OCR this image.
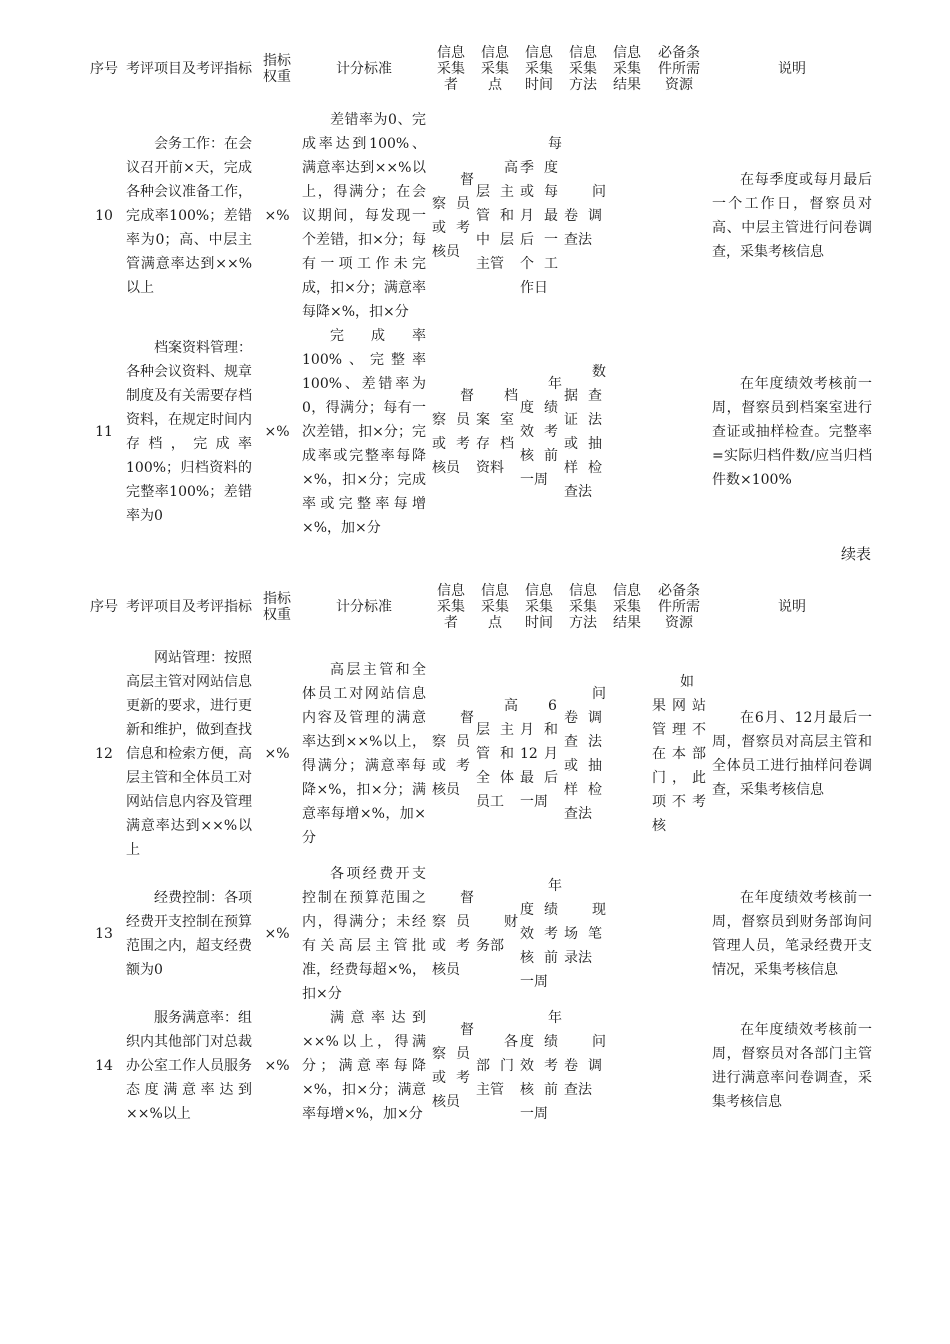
序号	考评项目及考评指标	指标权重	计分标准	信息采集者	信息采集点	信息采集时间	信息采集方法	信息采集结果	必备条件所需资源	说明
10	会务工作：在会议召开前×天，完成各种会议准备工作，完成率100%；差错率为0；高、中层主管满意率达到××%以上	×%	差错率为0、完成率达到100%、满意率达到××%以上，得满分；在会议期间，每发现一个差错，扣×分；每有一项工作未完成，扣×分；满意率每降×%，扣×分	督察员或考核员	高层主管和中层主管	每季度或每月最后一个工作日	问卷调查法			在每季度或每月最后一个工作日，督察员对高、中层主管进行问卷调查，采集考核信息
11	档案资料管理：各种会议资料、规章制度及有关需要存档资料，在规定时间内存档，完成率100%；归档资料的完整率100%；差错率为0	×%	完成率100%、完整率100%、差错率为0，得满分；每有一次差错，扣×分；完成率或完整率每降×%，扣×分；完成率或完整率每增×%，加×分	督察员或考核员	档案室存档资料	年度绩效考核前一周	数据查证法或抽样检查法			在年度绩效考核前一周，督察员到档案室进行查证或抽样检查。完整率=实际归档件数/应当归档件数×100%
续表
序号	考评项目及考评指标	指标权重	计分标准	信息采集者	信息采集点	信息采集时间	信息采集方法	信息采集结果	必备条件所需资源	说明
12	网站管理：按照高层主管对网站信息更新的要求，进行更新和维护，做到查找信息和检索方便，高层主管和全体员工对网站信息内容及管理满意率达到××%以上	×%	高层主管和全体员工对网站信息内容及管理的满意率达到××%以上，得满分；满意率每降×%，扣×分；满意率每增×%，加×分	督察员或考核员	高层主管和全体员工	6月和12月最后一周	问卷调查法或抽样检查法		如果网站管理不在本部门，此项不考核	在6月、12月最后一周，督察员对高层主管和全体员工进行抽样问卷调查，采集考核信息
13	经费控制：各项经费开支控制在预算范围之内，超支经费额为0	×%	各项经费开支控制在预算范围之内，得满分；未经有关高层主管批准，经费每超×%，扣×分	督察员或考核员	财务部	年度绩效考核前一周	现场笔录法			在年度绩效考核前一周，督察员到财务部询问管理人员，笔录经费开支情况，采集考核信息
14	服务满意率：组织内其他部门对总裁办公室工作人员服务态度满意率达到××%以上	×%	满意率达到××%以上，得满分；满意率每降×%，扣×分；满意率每增×%，加×分	督察员或考核员	各部门主管	年度绩效考核前一周	问卷调查法			在年度绩效考核前一周，督察员对各部门主管进行满意率问卷调查，采集考核信息
